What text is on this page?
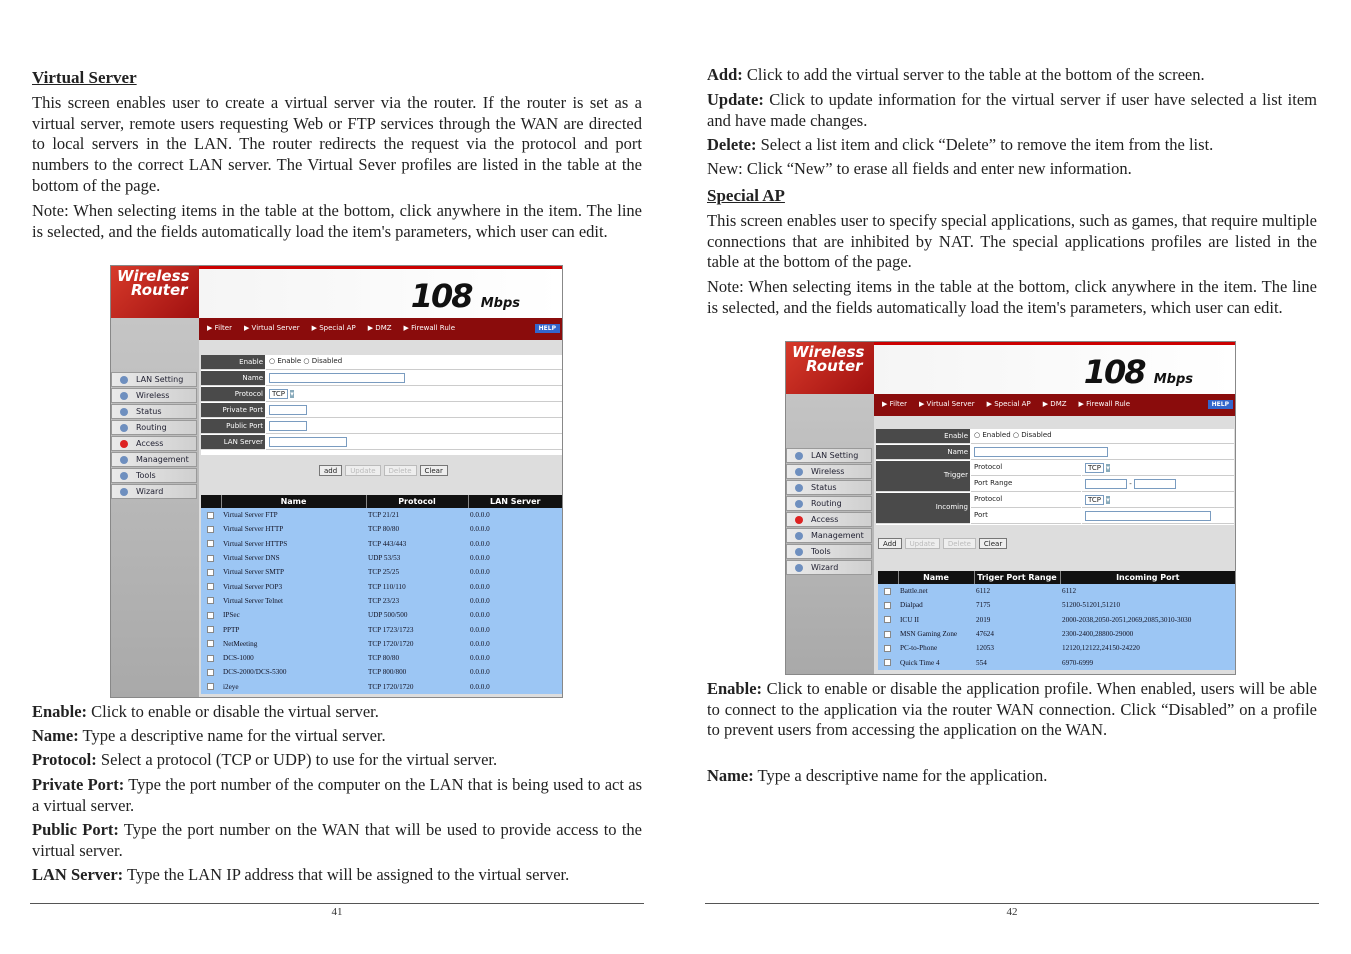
Virtual Server
This screen enables user to create a virtual server via the router. If the router is set as a virtual server, remote users requesting Web or FTP services through the WAN are directed to local servers in the LAN. The router redirects the request via the protocol and port numbers to the correct LAN server. The Virtual Sever profiles are listed in the table at the bottom of the page.
Note: When selecting items in the table at the bottom, click anywhere in the item. The line is selected, and the fields automatically load the item's parameters, which user can edit.
Wireless
Router	108 Mbps
▶ Filter ▶ Virtual Server ▶ Special AP ▶ DMZ ▶ Firewall Rule	HELP
LAN Setting
Wireless
Status
Routing
Access
Management
Tools
Wizard
Enable ○ Enable ○ Disabled
Name
Protocol	TCP ▾
Private Port
Public Port
LAN Server
add Update Delete Clear
	Name	Protocol	LAN Server

	Virtual Server FTP	TCP 21/21	0.0.0.0

	Virtual Server HTTP	TCP 80/80	0.0.0.0

	Virtual Server HTTPS	TCP 443/443	0.0.0.0

	Virtual Server DNS	UDP 53/53	0.0.0.0

	Virtual Server SMTP	TCP 25/25	0.0.0.0

	Virtual Server POP3	TCP 110/110	0.0.0.0

	Virtual Server Telnet	TCP 23/23	0.0.0.0

	IPSec	UDP 500/500	0.0.0.0

	PPTP	TCP 1723/1723	0.0.0.0

	NetMeeting	TCP 1720/1720	0.0.0.0

	DCS-1000	TCP 80/80	0.0.0.0

	DCS-2000/DCS-5300	TCP 800/800	0.0.0.0

	i2eye	TCP 1720/1720	0.0.0.0
Enable: Click to enable or disable the virtual server.
Name: Type a descriptive name for the virtual server.
Protocol: Select a protocol (TCP or UDP) to use for the virtual server.
Private Port: Type the port number of the computer on the LAN that is being used to act as a virtual server.
Public Port: Type the port number on the WAN that will be used to provide access to the virtual server.
LAN Server: Type the LAN IP address that will be assigned to the virtual server.
41
Add: Click to add the virtual server to the table at the bottom of the screen.
Update: Click to update information for the virtual server if user have selected a list item and have made changes.
Delete: Select a list item and click “Delete” to remove the item from the list.
New: Click “New” to erase all fields and enter new information.
Special AP
This screen enables user to specify special applications, such as games, that require multiple connections that are inhibited by NAT. The special applications profiles are listed in the table at the bottom of the page.
Note: When selecting items in the table at the bottom, click anywhere in the item. The line is selected, and the fields automatically load the item's parameters, which user can edit.
Wireless
Router	108 Mbps
▶ Filter ▶ Virtual Server ▶ Special AP ▶ DMZ ▶ Firewall Rule	HELP
LAN Setting
Wireless
Status
Routing
Access
Management
Tools
Wizard
Enable ○ Enabled ○ Disabled
Name
Trigger
Protocol	TCP ▾
Port Range	-
Incoming
Protocol	TCP ▾
Port
Add Update Delete Clear
	Name	Triger Port Range	Incoming Port

	Battle.net	6112	6112

	Dialpad	7175	51200-51201,51210

	ICU II	2019	2000-2038,2050-2051,2069,2085,3010-3030

	MSN Gaming Zone	47624	2300-2400,28800-29000

	PC-to-Phone	12053	12120,12122,24150-24220

	Quick Time 4	554	6970-6999
Enable: Click to enable or disable the application profile. When enabled, users will be able to connect to the application via the router WAN connection. Click “Disabled” on a profile to prevent users from accessing the application on the WAN.
Name: Type a descriptive name for the application.
42
